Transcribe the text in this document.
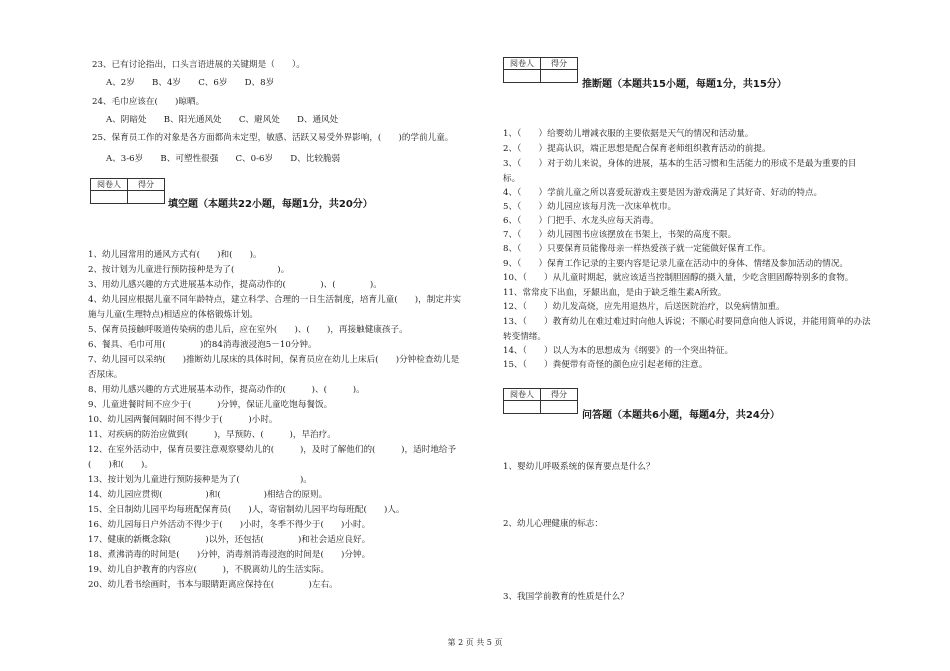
23、已有讨论指出，口头言语进展的关键期是（　　）。
A、2岁　　B、4岁　　C、6岁　　D、8岁
24、毛巾应该在(　　)晾晒。
A、阴暗处　　B、阳光通风处　　C、避风处　　D、通风处
25、保育员工作的对象是各方面都尚未定型，敏感、活跃又易受外界影响，(　　)的学前儿童。
A、3-6岁　　B、可塑性很强　　C、0-6岁　　D、比较脆弱
阅卷人	得分

填空题（本题共22小题，每题1分，共20分）
1、幼儿园常用的通风方式有(　　)和(　　)。
2、按计划为儿童进行预防接种是为了(　　　　　)。
3、用幼儿感兴趣的方式进展基本动作，提高动作的(　　　　)、(　　　　)。
4、幼儿园应根据儿童不同年龄特点，建立科学、合理的一日生活制度，培育儿童(　　)，制定并实施与儿童(生理特点)相适应的体格锻炼计划。
5、保育员接触呼吸道传染病的患儿后，应在室外(　　)、(　　)，再接触健康孩子。
6、餐具、毛巾可用(　　　　)的84消毒液浸泡5－10分钟。
7、幼儿园可以采纳(　　)推断幼儿尿床的具体时间，保育员应在幼儿上床后(　　)分钟检查幼儿是否尿床。
8、用幼儿感兴趣的方式进展基本动作，提高动作的(　　　)、(　　　)。
9、儿童进餐时间不应少于(　　　)分钟，保证儿童吃饱每餐饭。
10、幼儿园两餐间隔时间不得少于(　　　)小时。
11、对疾病的防治应做到(　　　)，早预防、(　　　)，早治疗。
12、在室外活动中，保育员要注意观察婴幼儿的(　　　)，及时了解他们的(　　　)，适时地给予(　　)和(　　)。
13、按计划为儿童进行预防接种是为了(　　　　　　　)。
14、幼儿园应贯彻(　　　　　)和(　　　　　)相结合的原则。
15、全日制幼儿园平均每班配保育员(　　)人，寄宿制幼儿园平均每班配(　　)人。
16、幼儿园每日户外活动不得少于(　　)小时，冬季不得少于(　　)小时。
17、健康的新概念除(　　　　)以外，还包括(　　　　)和社会适应良好。
18、煮沸消毒的时间是(　　)分钟，消毒剂消毒浸泡的时间是(　　)分钟。
19、幼儿自护教育的内容应(　　　)，不脱离幼儿的生活实际。
20、幼儿看书绘画时，书本与眼睛距离应保持在(　　　　)左右。
阅卷人	得分

推断题（本题共15小题，每题1分，共15分）
1、（　　）给婴幼儿增减衣服的主要依据是天气的情况和活动量。
2、（　　）提高认识，端正思想是配合保育老师组织教育活动的前提。
3、（　　）对于幼儿来说，身体的进展，基本的生活习惯和生活能力的形成不是最为重要的目标。
4、（　　）学前儿童之所以喜爱玩游戏主要是因为游戏满足了其好奇、好动的特点。
5、（　　）幼儿园应该每月洗一次床单枕巾。
6、（　　）门把手、水龙头应每天消毒。
7、（　　）幼儿园图书应该摆放在书架上，书架的高度不限。
8、（　　）只要保育员能像母亲一样热爱孩子就一定能做好保育工作。
9、（　　）保育工作记录的主要内容是记录儿童在活动中的身体、情绪及参加活动的情况。
10、（　　）从儿童时期起，就应该适当控制胆固醇的摄入量，少吃含胆固醇特别多的食物。
11、常常皮下出血，牙龈出血，是由于缺乏维生素A所致。
12、（　　）幼儿发高烧，应先用退热片，后送医院治疗，以免病情加重。
13、（　　）教育幼儿在难过难过时向他人诉说；不顺心时要同意向他人诉说，并能用简单的办法转变情绪。
14、（　　）以人为本的思想成为《纲要》的一个突出特征。
15、（　　）粪便带有奇怪的颜色应引起老师的注意。
阅卷人	得分

问答题（本题共6小题，每题4分，共24分）
1、婴幼儿呼吸系统的保育要点是什么？
2、幼儿心理健康的标志：
3、我国学前教育的性质是什么？
第 2 页 共 5 页
